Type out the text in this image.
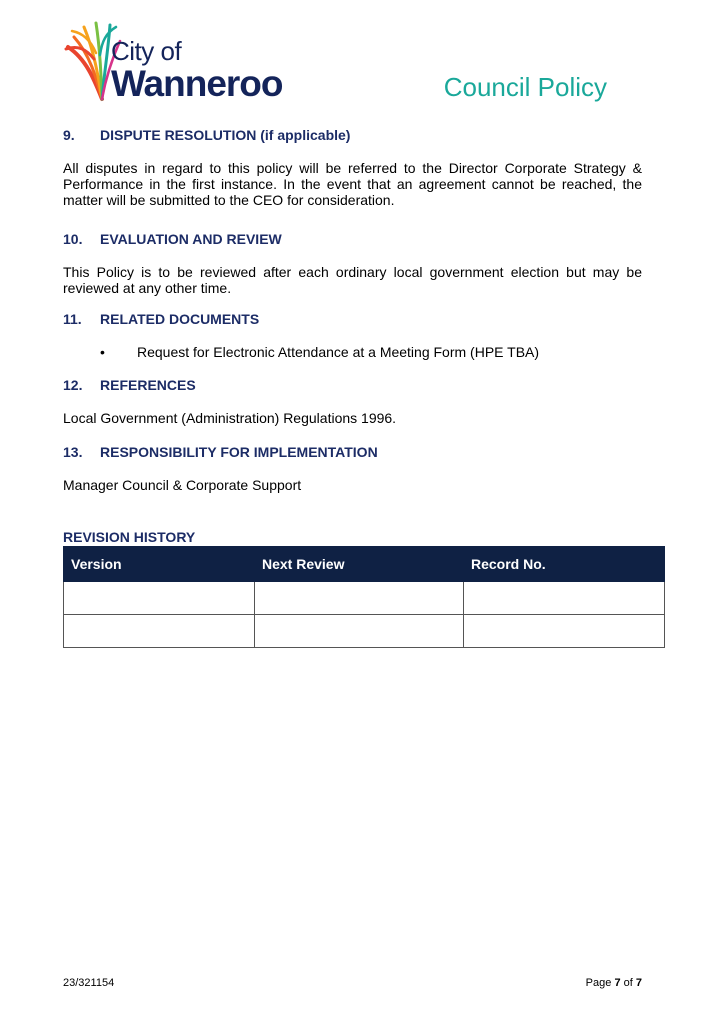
City of
Wanneroo	Council Policy
9.	DISPUTE RESOLUTION (if applicable)

All disputes in regard to this policy will be referred to the Director Corporate Strategy & Performance in the first instance. In the event that an agreement cannot be reached, the matter will be submitted to the CEO for consideration.

10.	EVALUATION AND REVIEW

This Policy is to be reviewed after each ordinary local government election but may be reviewed at any other time.

11.	RELATED DOCUMENTS
•	Request for Electronic Attendance at a Meeting Form (HPE TBA)
12.	REFERENCES

Local Government (Administration) Regulations 1996.

13.	RESPONSIBILITY FOR IMPLEMENTATION

Manager Council & Corporate Support

REVISION HISTORY
Version	Next Review	Record No.

23/321154	Page 7 of 7
